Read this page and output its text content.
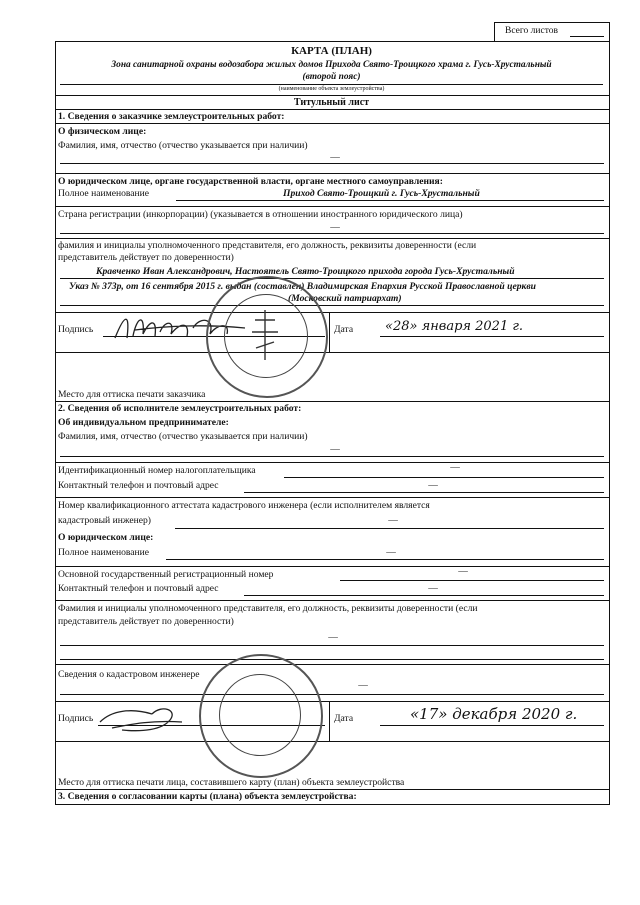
Всего листов
КАРТА (ПЛАН)
Зона санитарной охраны водозабора жилых домов Прихода Свято-Троицкого храма г. Гусь-Хрустальный
(второй пояс)
(наименование объекта землеустройства)
Титульный лист
1. Сведения о заказчике землеустроительных работ:
О физическом лице:
Фамилия, имя, отчество (отчество указывается при наличии)
—
О юридическом лице, органе государственной власти, органе местного самоуправления:
Полное наименование	Приход Свято-Троицкий г. Гусь-Хрустальный
Страна регистрации (инкорпорации) (указывается в отношении иностранного юридического лица)
—
фамилия и инициалы уполномоченного представителя, его должность, реквизиты доверенности (если
представитель действует по доверенности)
Кравченко Иван Александрович, Настоятель Свято-Троицкого прихода города Гусь-Хрустальный
Указ № 373р, от 16 сентября 2015 г. выдан (составлен) Владимирская Епархия Русской Православной церкви
(Московский патриархат)
Подпись	Дата «28» января 2021 г.
Место для оттиска печати заказчика
2. Сведения об исполнителе землеустроительных работ:
Об индивидуальном предпринимателе:
Фамилия, имя, отчество (отчество указывается при наличии)
—
Идентификационный номер налогоплательщика	—
Контактный телефон и почтовый адрес	—
Номер квалификационного аттестата кадастрового инженера (если исполнителем является
кадастровый инженер)	—
О юридическом лице:
Полное наименование	—
Основной государственный регистрационный номер	—
Контактный телефон и почтовый адрес	—
Фамилия и инициалы уполномоченного представителя, его должность, реквизиты доверенности (если
представитель действует по доверенности)
—
Сведения о кадастровом инженере
—
Подпись	Дата	«17» декабря 2020 г.
Место для оттиска печати лица, составившего карту (план) объекта землеустройства
3. Сведения о согласовании карты (плана) объекта землеустройства:
